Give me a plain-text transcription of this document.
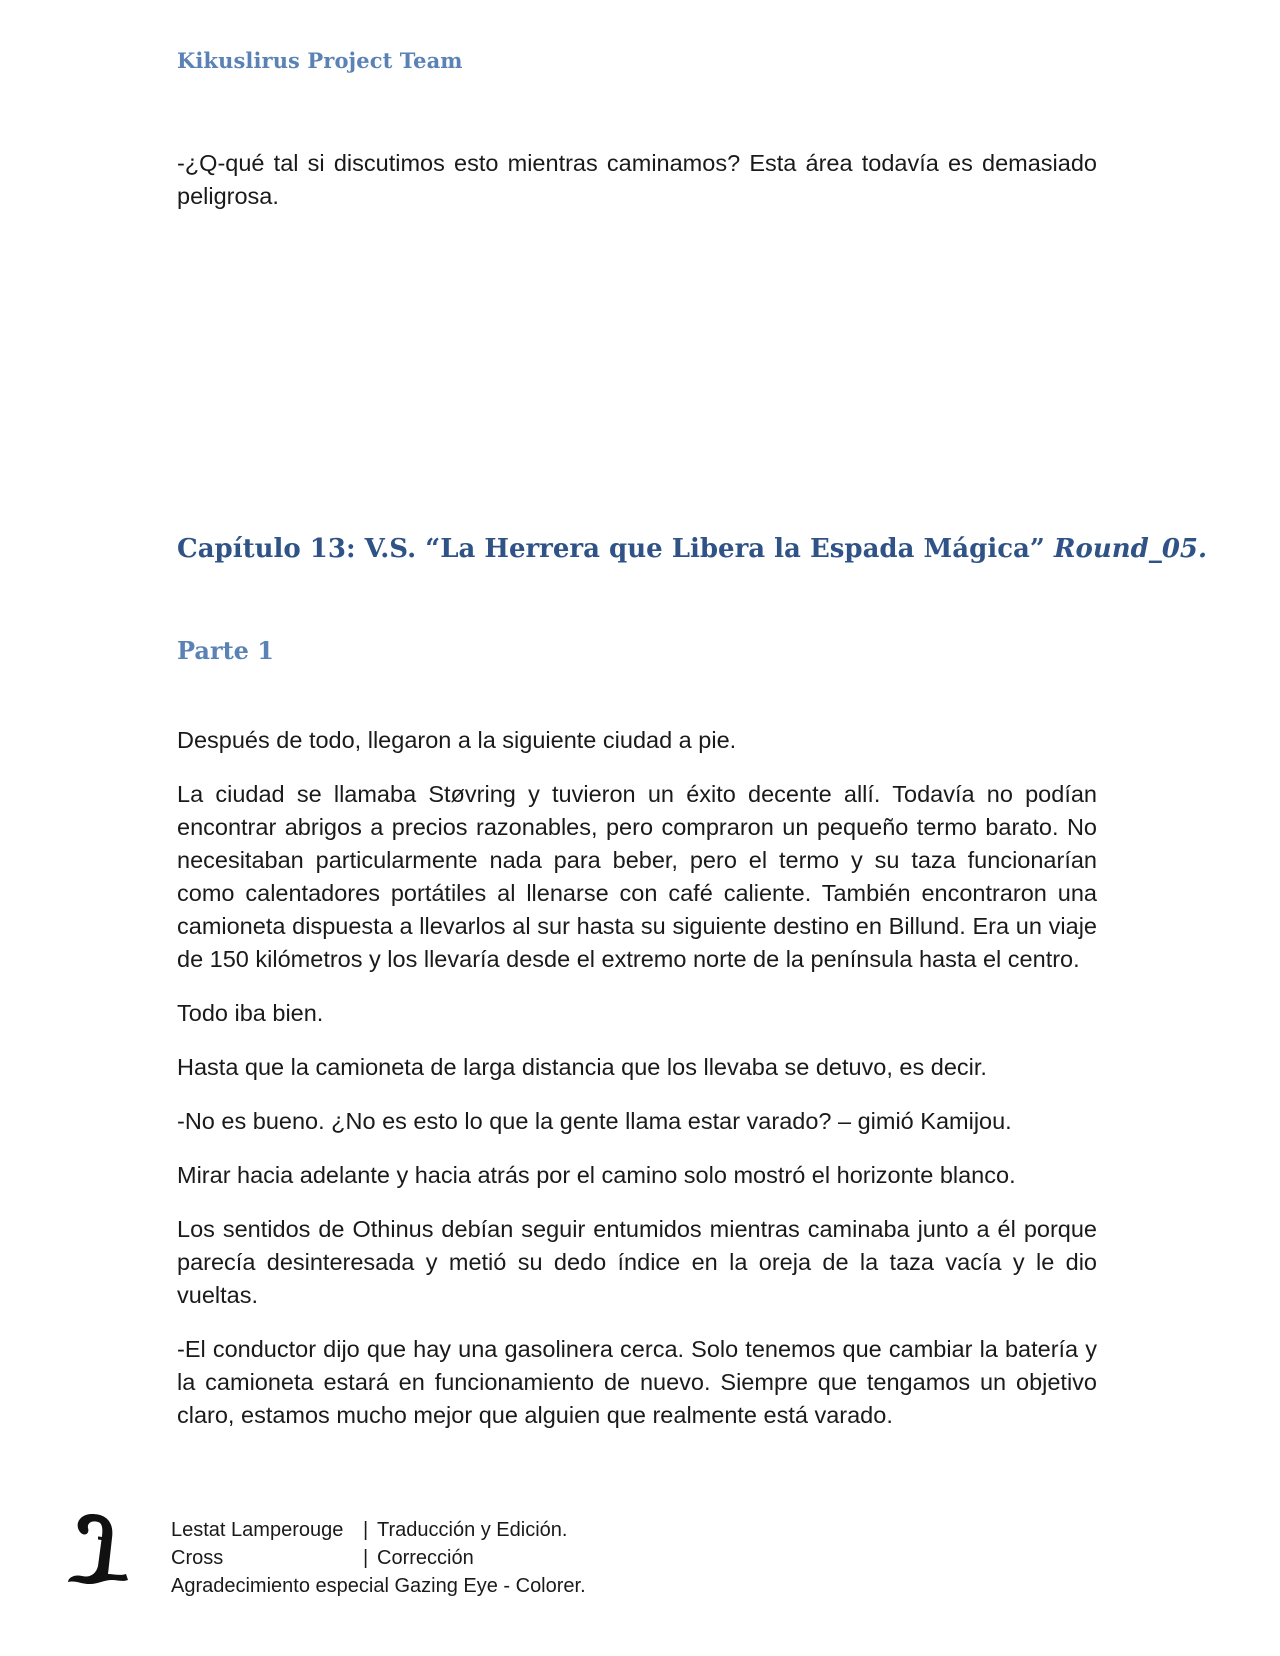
Kikuslirus Project Team

-¿Q-qué tal si discutimos esto mientras caminamos? Esta área todavía es demasiado peligrosa.

Capítulo 13: V.S. “La Herrera que Libera la Espada Mágica” Round_05.
Parte 1

Después de todo, llegaron a la siguiente ciudad a pie.

La ciudad se llamaba Støvring y tuvieron un éxito decente allí. Todavía no podían encontrar abrigos a precios razonables, pero compraron un pequeño termo barato. No necesitaban particularmente nada para beber, pero el termo y su taza funcionarían como calentadores portátiles al llenarse con café caliente. También encontraron una camioneta dispuesta a llevarlos al sur hasta su siguiente destino en Billund. Era un viaje de 150 kilómetros y los llevaría desde el extremo norte de la península hasta el centro.

Todo iba bien.

Hasta que la camioneta de larga distancia que los llevaba se detuvo, es decir.

-No es bueno. ¿No es esto lo que la gente llama estar varado? – gimió Kamijou.

Mirar hacia adelante y hacia atrás por el camino solo mostró el horizonte blanco.

Los sentidos de Othinus debían seguir entumidos mientras caminaba junto a él porque parecía desinteresada y metió su dedo índice en la oreja de la taza vacía y le dio vueltas.

-El conductor dijo que hay una gasolinera cerca. Solo tenemos que cambiar la batería y la camioneta estará en funcionamiento de nuevo. Siempre que tengamos un objetivo claro, estamos mucho mejor que alguien que realmente está varado.

L	Lestat Lamperouge | Traducción y Edición.
Cross	| Corrección
Agradecimiento especial Gazing Eye - Colorer.
